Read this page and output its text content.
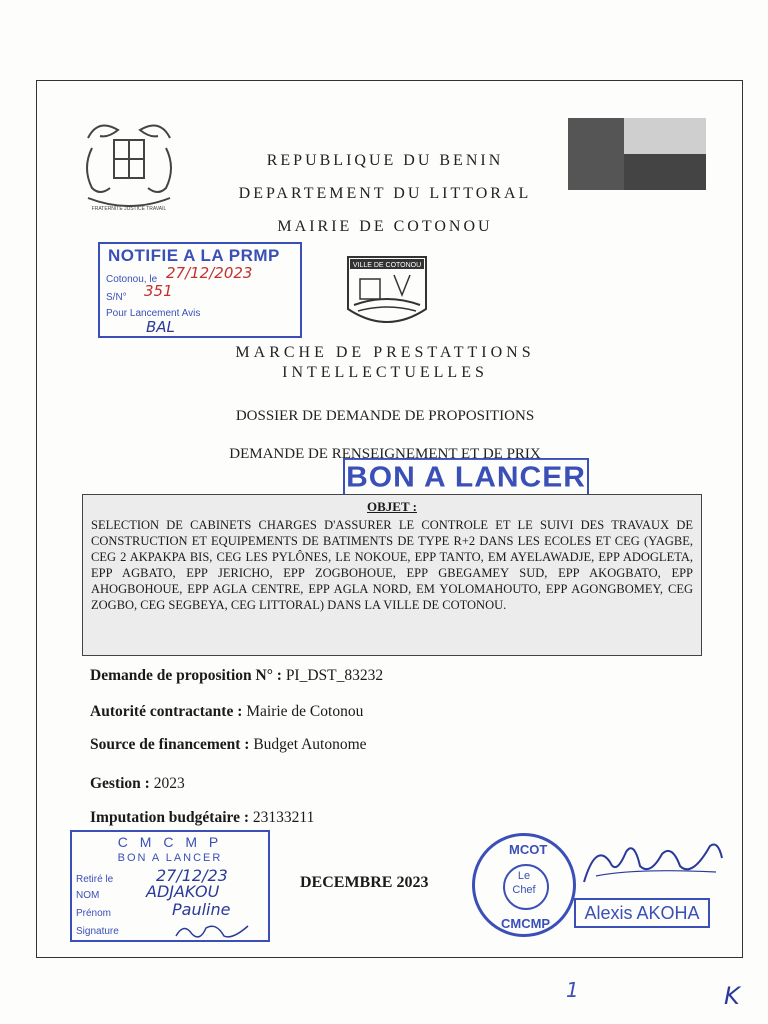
FRATERNITE JUSTICE TRAVAIL
REPUBLIQUE DU BENIN
DEPARTEMENT DU LITTORAL
MAIRIE DE COTONOU
NOTIFIE A LA PRMP
Cotonou, le 27/12/2023
S/N° 351
Pour Lancement Avis
BAL
VILLE DE COTONOU
MARCHE DE PRESTATTIONS
INTELLECTUELLES
DOSSIER DE DEMANDE DE PROPOSITIONS
DEMANDE DE RENSEIGNEMENT ET DE PRIX
BON A LANCER
OBJET :
SELECTION DE CABINETS CHARGES D'ASSURER LE CONTROLE ET LE SUIVI DES TRAVAUX DE CONSTRUCTION ET EQUIPEMENTS DE BATIMENTS DE TYPE R+2 DANS LES ECOLES ET CEG (YAGBE, CEG 2 AKPAKPA BIS, CEG LES PYLÔNES, LE NOKOUE, EPP TANTO, EM AYELAWADJE, EPP ADOGLETA, EPP AGBATO, EPP JERICHO, EPP ZOGBOHOUE, EPP GBEGAMEY SUD, EPP AKOGBATO, EPP AHOGBOHOUE, EPP AGLA CENTRE, EPP AGLA NORD, EM YOLOMAHOUTO, EPP AGONGBOMEY, CEG ZOGBO, CEG SEGBEYA, CEG LITTORAL) DANS LA VILLE DE COTONOU.
Demande de proposition N° : PI_DST_83232
Autorité contractante : Mairie de Cotonou
Source de financement : Budget Autonome
Gestion : 2023
Imputation budgétaire : 23133211
C M C M P
BON A LANCER
Retiré le	27/12/23
NOM	ADJAKOU
Prénom	Pauline
Signature
DECEMBRE 2023
MCOT
CMCMP
Le
Chef
Alexis AKOHA
1	K
